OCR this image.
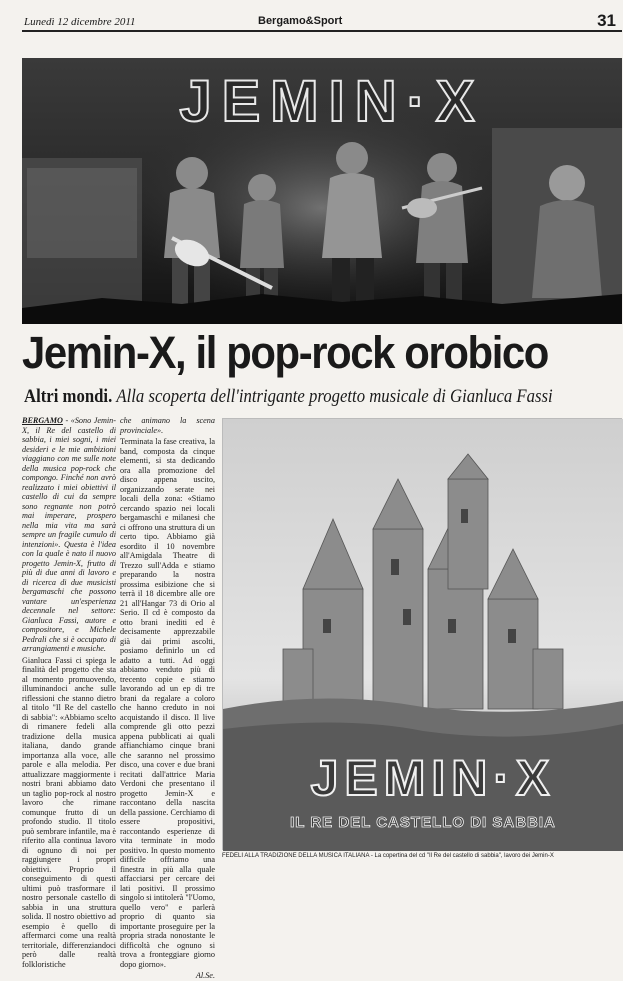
Lunedì 12 dicembre 2011	Bergamo&Sport	31
JEMIN·X
Jemin-X, il pop-rock orobico
Altri mondi. Alla scoperta dell'intrigante progetto musicale di Gianluca Fassi

BERGAMO - «Sono Jemin-X, il Re del castello di sabbia, i miei sogni, i miei desideri e le mie ambizioni viaggiano con me sulle note della musica pop-rock che compongo. Finché non avrò realizzato i miei obiettivi il castello di cui da sempre sono regnante non potrò mai imperare, prospero nella mia vita ma sarà sempre un fragile cumulo di intenzioni». Questa è l'idea con la quale è nato il nuovo progetto Jemin-X, frutto di più di due anni di lavoro e di ricerca di due musicisti bergamaschi che possono vantare un'esperienza decennale nel settore: Gianluca Fassi, autore e compositore, e Michele Pedrali che si è occupato di arrangiamenti e musiche.

Gianluca Fassi ci spiega le finalità del progetto che sta al momento promuovendo, illuminandoci anche sulle riflessioni che stanno dietro al titolo "Il Re del castello di sabbia": «Abbiamo scelto di rimanere fedeli alla tradizione della musica italiana, dando grande importanza alla voce, alle parole e alla melodia. Per attualizzare maggiormente i nostri brani abbiamo dato un taglio pop-rock al nostro lavoro che rimane comunque frutto di un profondo studio. Il titolo può sembrare infantile, ma è riferito alla continua lavoro di ognuno di noi per raggiungere i propri obiettivi. Proprio il conseguimento di questi ultimi può trasformare il nostro personale castello di sabbia in una struttura solida. Il nostro obiettivo ad esempio è quello di affermarci come una realtà territoriale, differenziandoci però dalle realtà folkloristiche

che animano la scena provinciale».

Terminata la fase creativa, la band, composta da cinque elementi, si sta dedicando ora alla promozione del disco appena uscito, organizzando serate nei locali della zona: «Stiamo cercando spazio nei locali bergamaschi e milanesi che ci offrono una struttura di un certo tipo. Abbiamo già esordito il 10 novembre all'Amigdala Theatre di Trezzo sull'Adda e stiamo preparando la nostra prossima esibizione che si terrà il 18 dicembre alle ore 21 all'Hangar 73 di Orio al Serio. Il cd è composto da otto brani inediti ed è decisamente apprezzabile già dai primi ascolti, posiamo definirlo un cd adatto a tutti. Ad oggi abbiamo venduto più di trecento copie e stiamo lavorando ad un ep di tre brani da regalare a coloro che hanno creduto in noi acquistando il disco. Il live comprende gli otto pezzi appena pubblicati ai quali affianchiamo cinque brani che saranno nel prossimo disco, una cover e due brani recitati dall'attrice Maria Verdoni che presentano il progetto Jemin-X e raccontano della nascita della passione. Cerchiamo di essere propositivi, raccontando esperienze di vita terminate in modo positivo. In questo momento difficile offriamo una finestra in più alla quale affacciarsi per cercare dei lati positivi. Il prossimo singolo si intitolerà "l'Uomo, quello vero" e parlerà proprio di quanto sia importante proseguire per la propria strada nonostante le difficoltà che ognuno si trova a fronteggiare giorno dopo giorno».

Al.Se.

JEMIN·X
IL RE DEL CASTELLO DI SABBIA
FEDELI ALLA TRADIZIONE DELLA MUSICA ITALIANA - La copertina del cd "Il Re del castello di sabbia", lavoro dei Jemin-X
